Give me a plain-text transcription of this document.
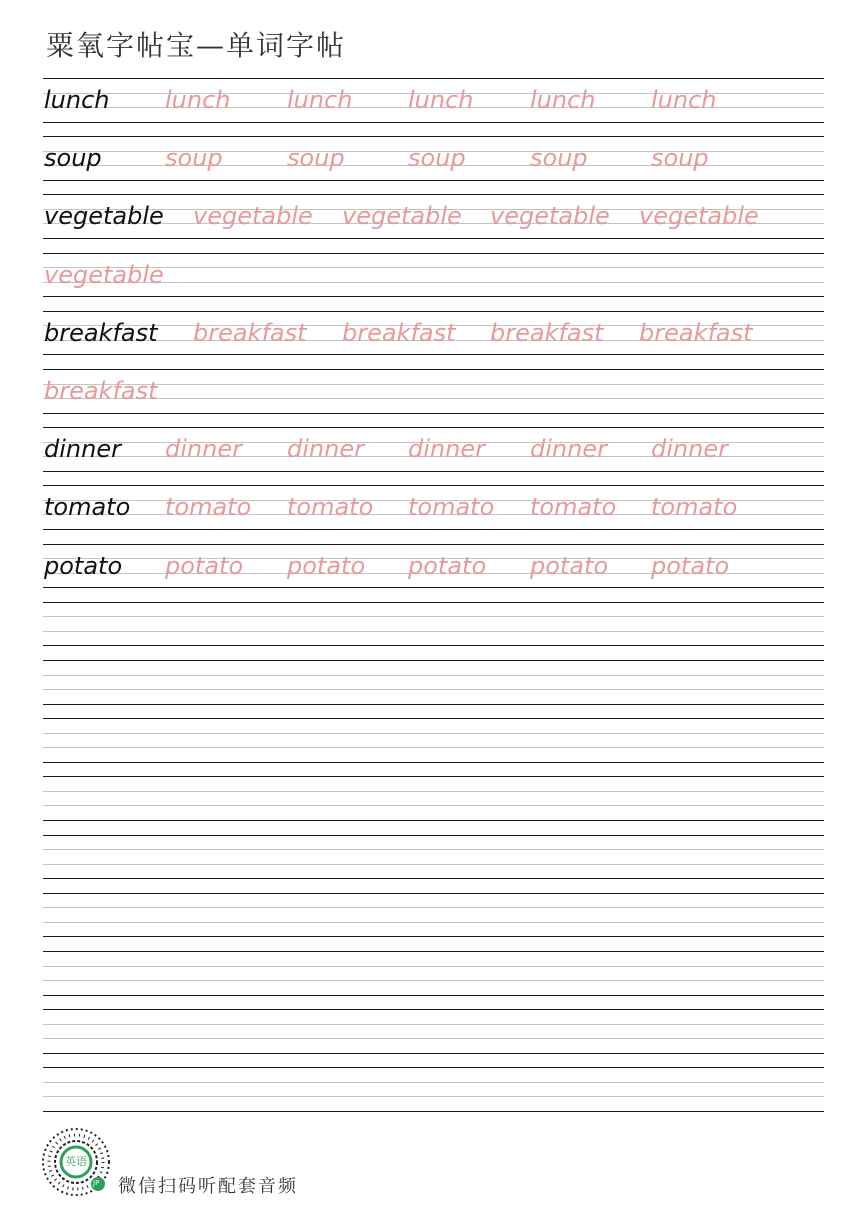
粟氧字帖宝—单词字帖
lunch lunch lunch lunch lunch lunch
soup	soup	soup	soup	soup	soup
vegetable vegetable vegetable vegetable vegetable
vegetable
breakfast breakfast breakfast breakfast breakfast
breakfast
dinner dinner dinner dinner dinner dinner
tomato tomato tomato tomato tomato tomato
potato potato potato potato potato potato
英语
JP 微信扫码听配套音频
